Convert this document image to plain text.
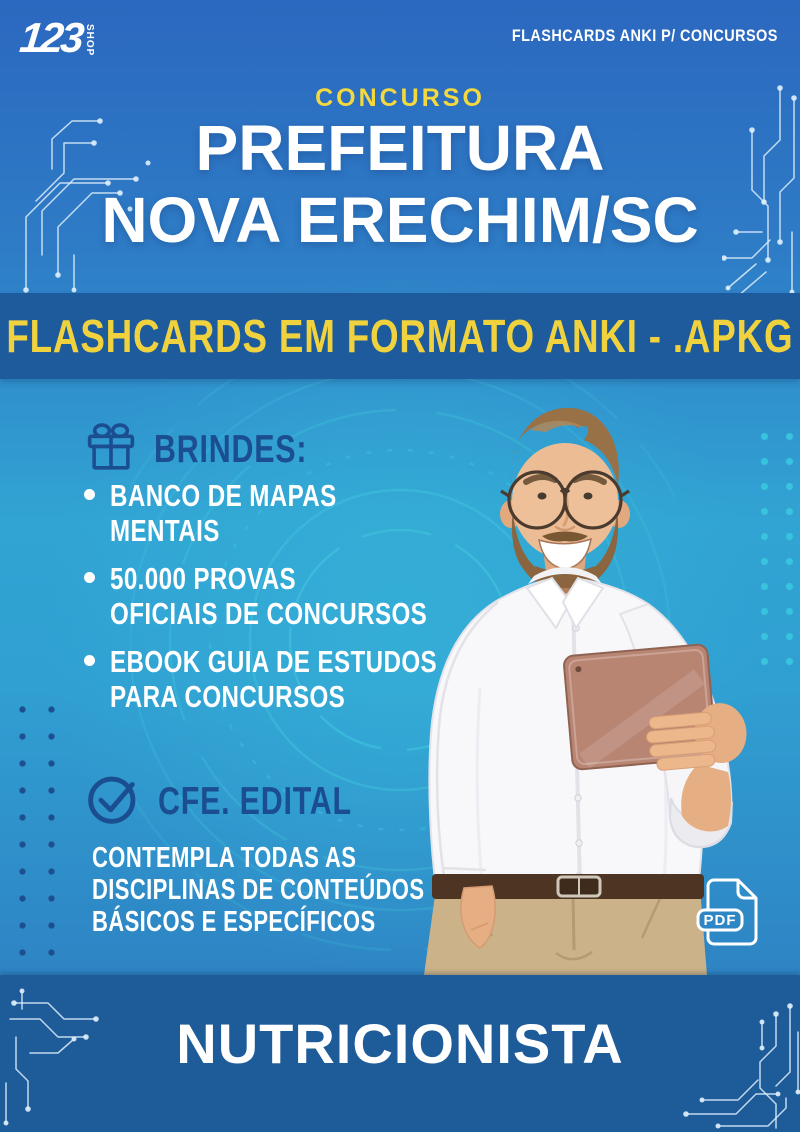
123 SHOP	FLASHCARDS ANKI P/ CONCURSOS
CONCURSO
PREFEITURA
NOVA ERECHIM/SC
FLASHCARDS EM FORMATO ANKI - .APKG
BRINDES:
BANCO DE MAPAS
MENTAIS
50.000 PROVAS
OFICIAIS DE CONCURSOS
EBOOK GUIA DE ESTUDOS
PARA CONCURSOS
CFE. EDITAL
CONTEMPLA TODAS AS
DISCIPLINAS DE CONTEÚDOS
BÁSICOS E ESPECÍFICOS	PDF
NUTRICIONISTA
